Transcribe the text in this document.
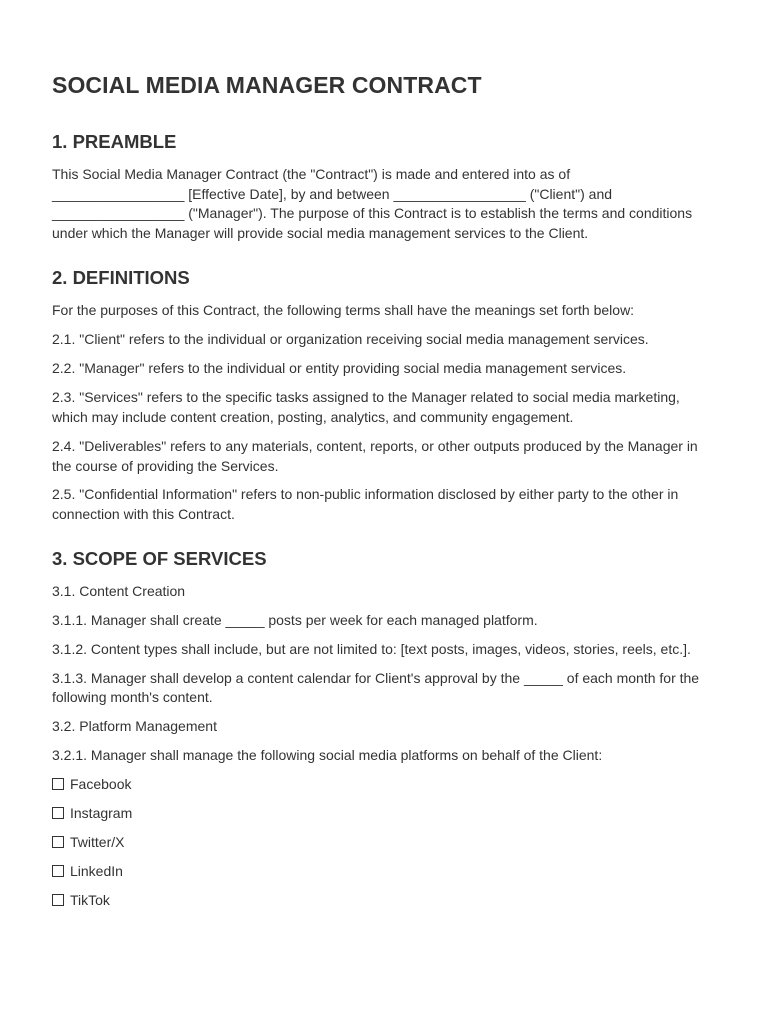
SOCIAL MEDIA MANAGER CONTRACT
1. PREAMBLE

This Social Media Manager Contract (the "Contract") is made and entered into as of _________________ [Effective Date], by and between _________________ ("Client") and _________________ ("Manager"). The purpose of this Contract is to establish the terms and conditions under which the Manager will provide social media management services to the Client.

2. DEFINITIONS

For the purposes of this Contract, the following terms shall have the meanings set forth below:

2.1. "Client" refers to the individual or organization receiving social media management services.

2.2. "Manager" refers to the individual or entity providing social media management services.

2.3. "Services" refers to the specific tasks assigned to the Manager related to social media marketing, which may include content creation, posting, analytics, and community engagement.

2.4. "Deliverables" refers to any materials, content, reports, or other outputs produced by the Manager in the course of providing the Services.

2.5. "Confidential Information" refers to non-public information disclosed by either party to the other in connection with this Contract.

3. SCOPE OF SERVICES

3.1. Content Creation

3.1.1. Manager shall create _____ posts per week for each managed platform.

3.1.2. Content types shall include, but are not limited to: [text posts, images, videos, stories, reels, etc.].

3.1.3. Manager shall develop a content calendar for Client's approval by the _____ of each month for the following month's content.

3.2. Platform Management

3.2.1. Manager shall manage the following social media platforms on behalf of the Client:

Facebook

Instagram

Twitter/X

LinkedIn

TikTok
